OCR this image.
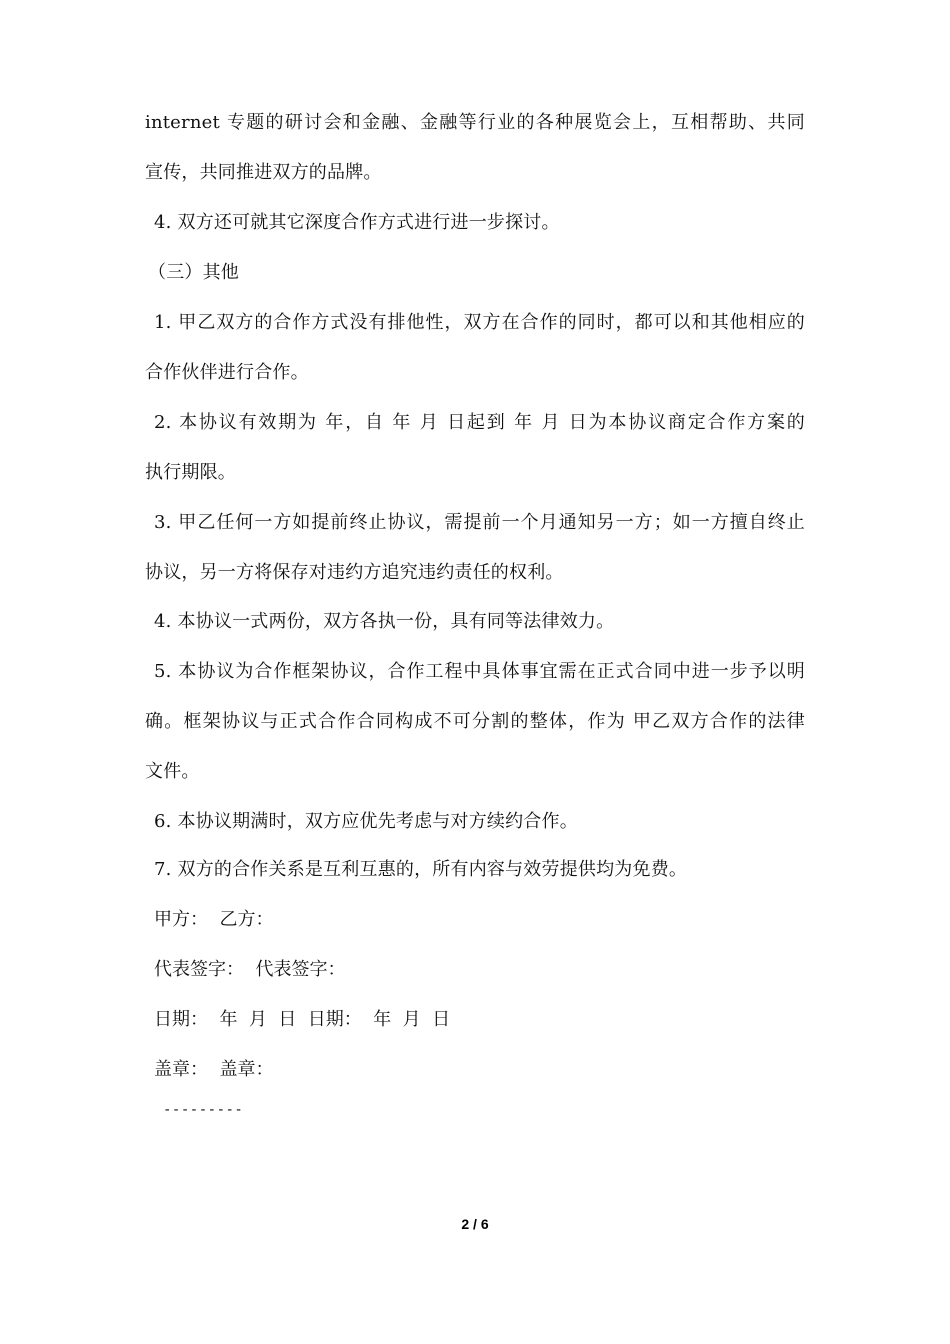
internet 专题的研讨会和金融、金融等行业的各种展览会上，互相帮助、共同
宣传，共同推进双方的品牌。
4. 双方还可就其它深度合作方式进行进一步探讨。
（三）其他
1. 甲乙双方的合作方式没有排他性，双方在合作的同时，都可以和其他相应的
合作伙伴进行合作。
2. 本协议有效期为 年，自 年 月 日起到 年 月 日为本协议商定合作方案的
执行期限。
3. 甲乙任何一方如提前终止协议，需提前一个月通知另一方；如一方擅自终止
协议，另一方将保存对违约方追究违约责任的权利。
4. 本协议一式两份，双方各执一份，具有同等法律效力。
5. 本协议为合作框架协议，合作工程中具体事宜需在正式合同中进一步予以明
确。框架协议与正式合作合同构成不可分割的整体，作为 甲乙双方合作的法律
文件。
6. 本协议期满时，双方应优先考虑与对方续约合作。
7. 双方的合作关系是互利互惠的，所有内容与效劳提供均为免费。
甲方：  乙方：
代表签字：  代表签字：
日期：  年  月  日  日期：  年  月  日
盖章：  盖章：
---------
2 / 6
